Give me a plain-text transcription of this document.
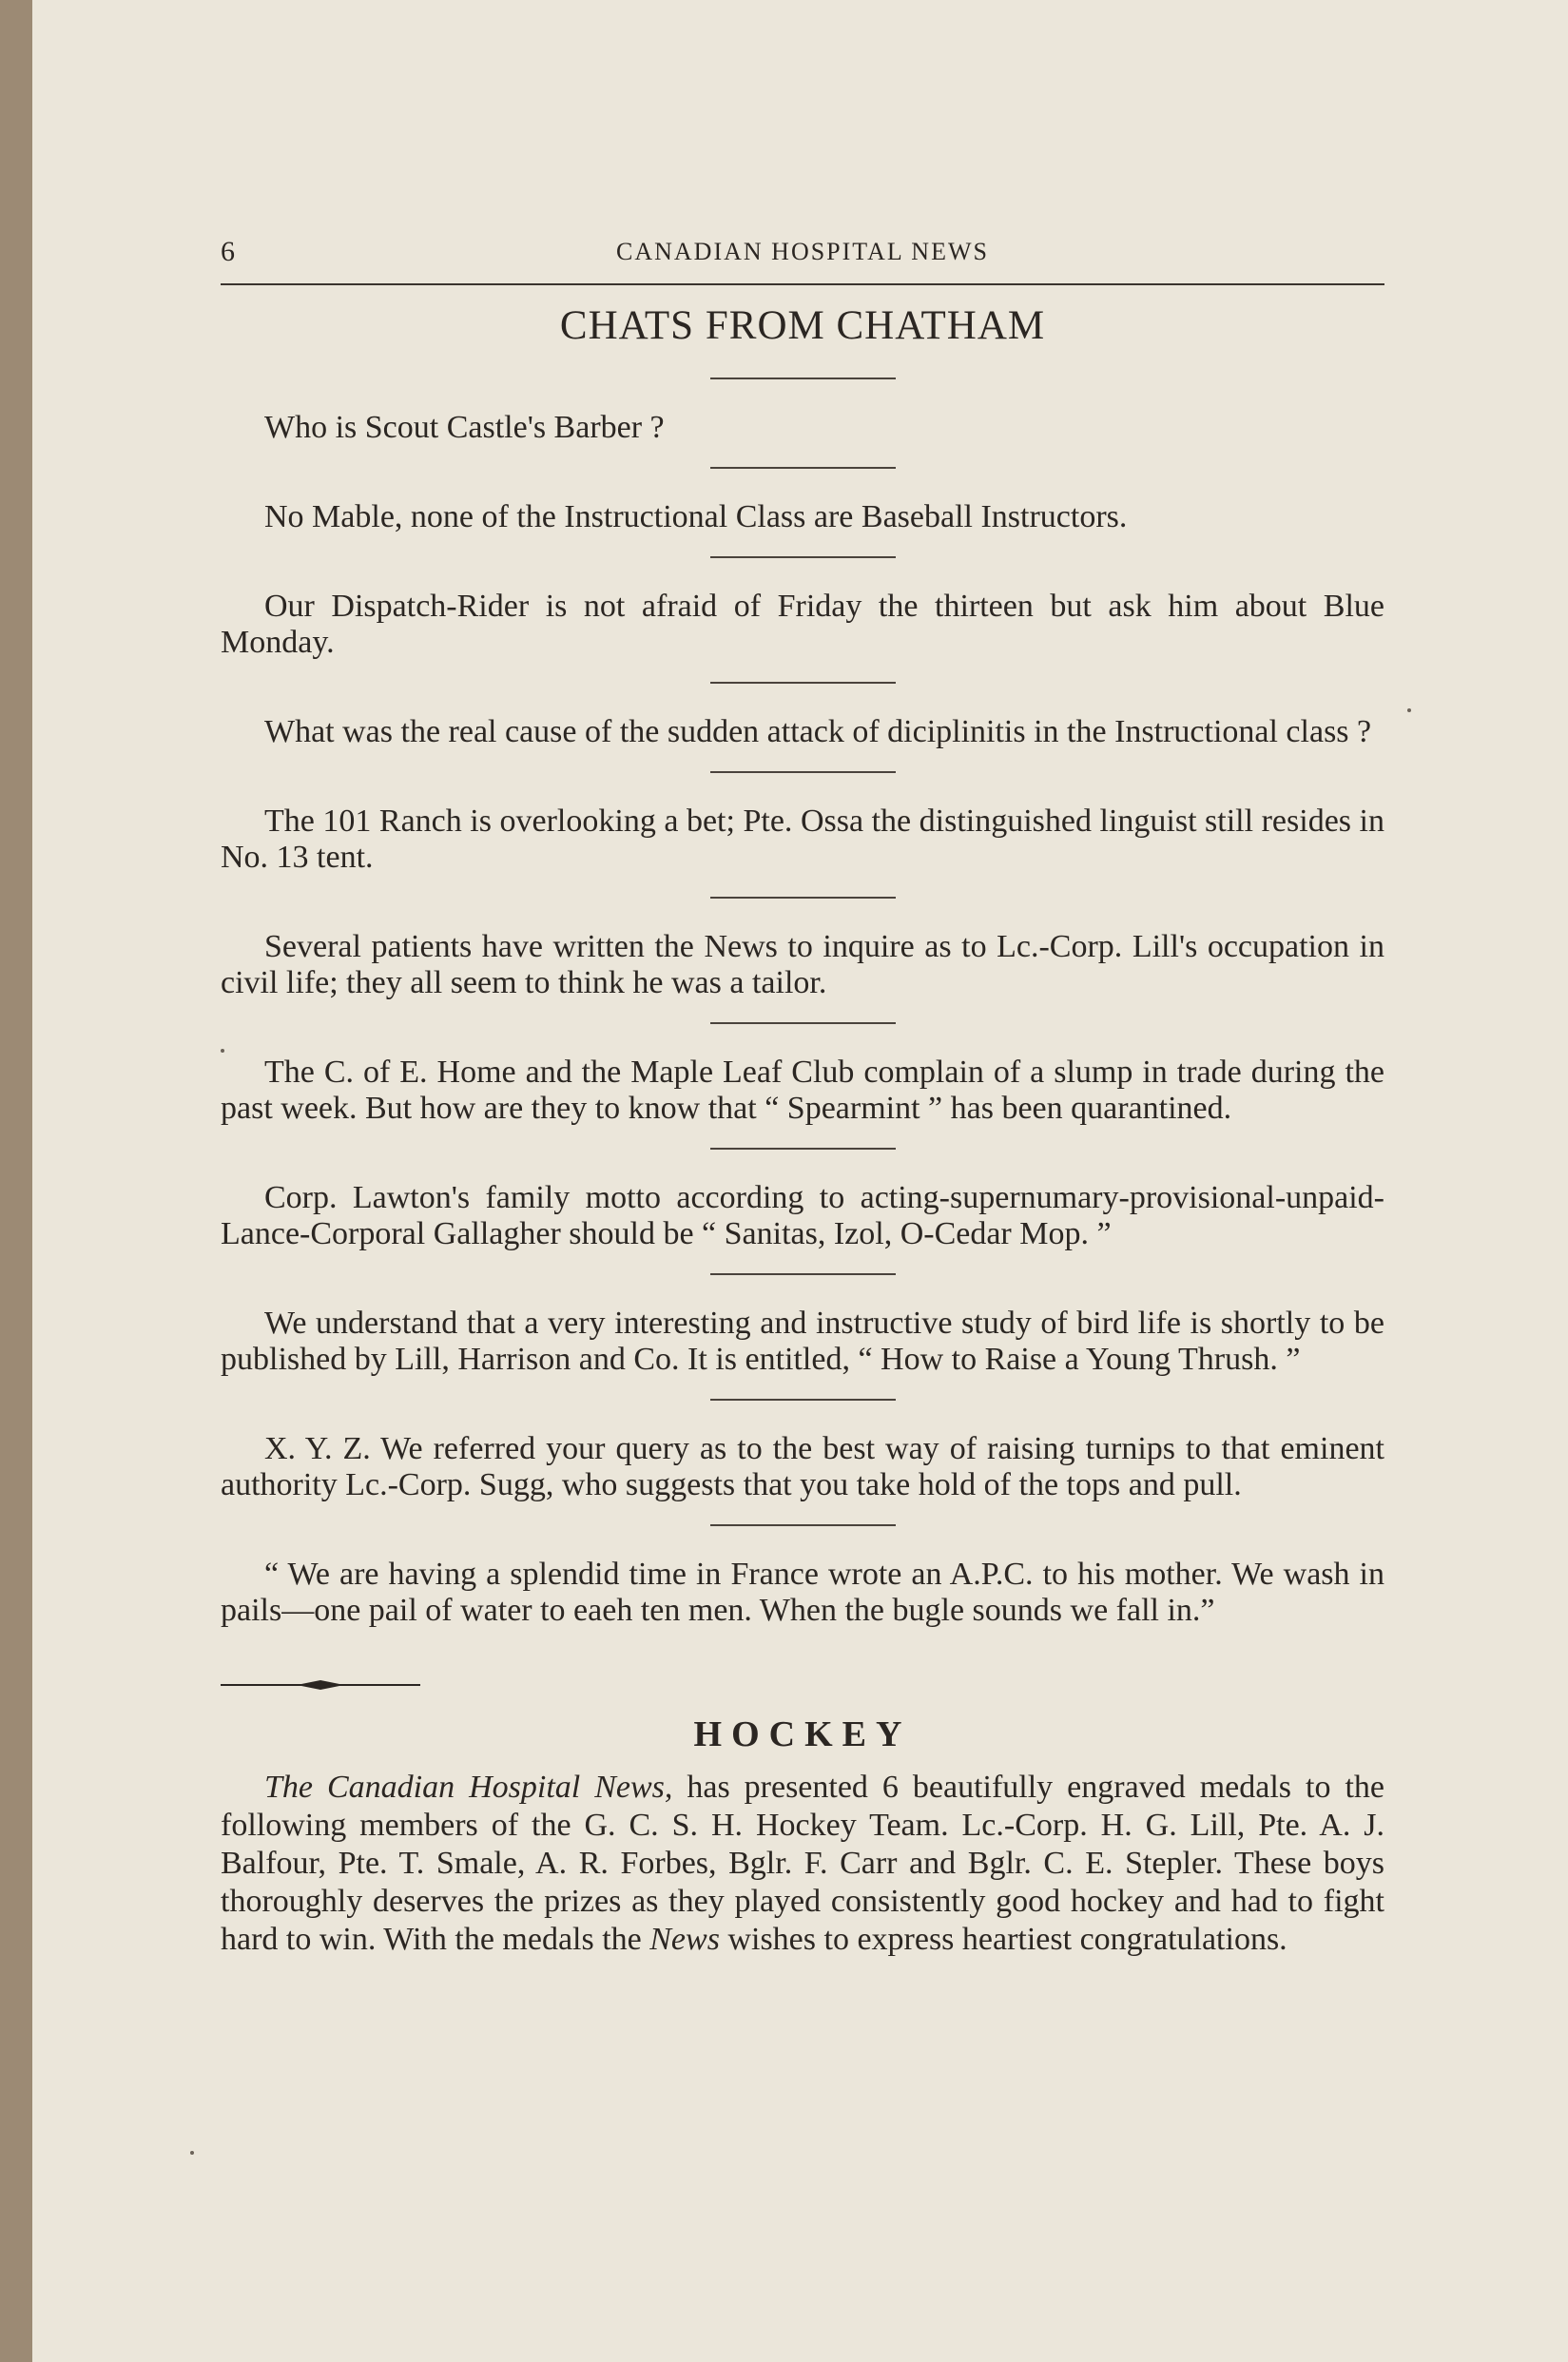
6	CANADIAN HOSPITAL NEWS
CHATS FROM CHATHAM

Who is Scout Castle's Barber ?

No Mable, none of the Instructional Class are Baseball Instructors.

Our Dispatch-Rider is not afraid of Friday the thirteen but ask him about Blue Monday.

What was the real cause of the sudden attack of diciplinitis in the Instructional class ?

The 101 Ranch is overlooking a bet; Pte. Ossa the distinguished linguist still resides in No. 13 tent.

Several patients have written the News to inquire as to Lc.-Corp. Lill's occupation in civil life; they all seem to think he was a tailor.

The C. of E. Home and the Maple Leaf Club complain of a slump in trade during the past week. But how are they to know that “ Spearmint ” has been quarantined.

Corp. Lawton's family motto according to acting-supernumary-provisional-unpaid-Lance-Corporal Gallagher should be “ Sanitas, Izol, O-Cedar Mop. ”

We understand that a very interesting and instructive study of bird life is shortly to be published by Lill, Harrison and Co. It is entitled, “ How to Raise a Young Thrush. ”

X. Y. Z. We referred your query as to the best way of raising turnips to that eminent authority Lc.-Corp. Sugg, who suggests that you take hold of the tops and pull.

“ We are having a splendid time in France wrote an A.P.C. to his mother. We wash in pails—one pail of water to eaeh ten men. When the bugle sounds we fall in.”

HOCKEY

The Canadian Hospital News, has presented 6 beautifully engraved medals to the following members of the G. C. S. H. Hockey Team. Lc.-Corp. H. G. Lill, Pte. A. J. Balfour, Pte. T. Smale, A. R. Forbes, Bglr. F. Carr and Bglr. C. E. Stepler. These boys thoroughly deserves the prizes as they played consistently good hockey and had to fight hard to win. With the medals the News wishes to express heartiest congratulations.
